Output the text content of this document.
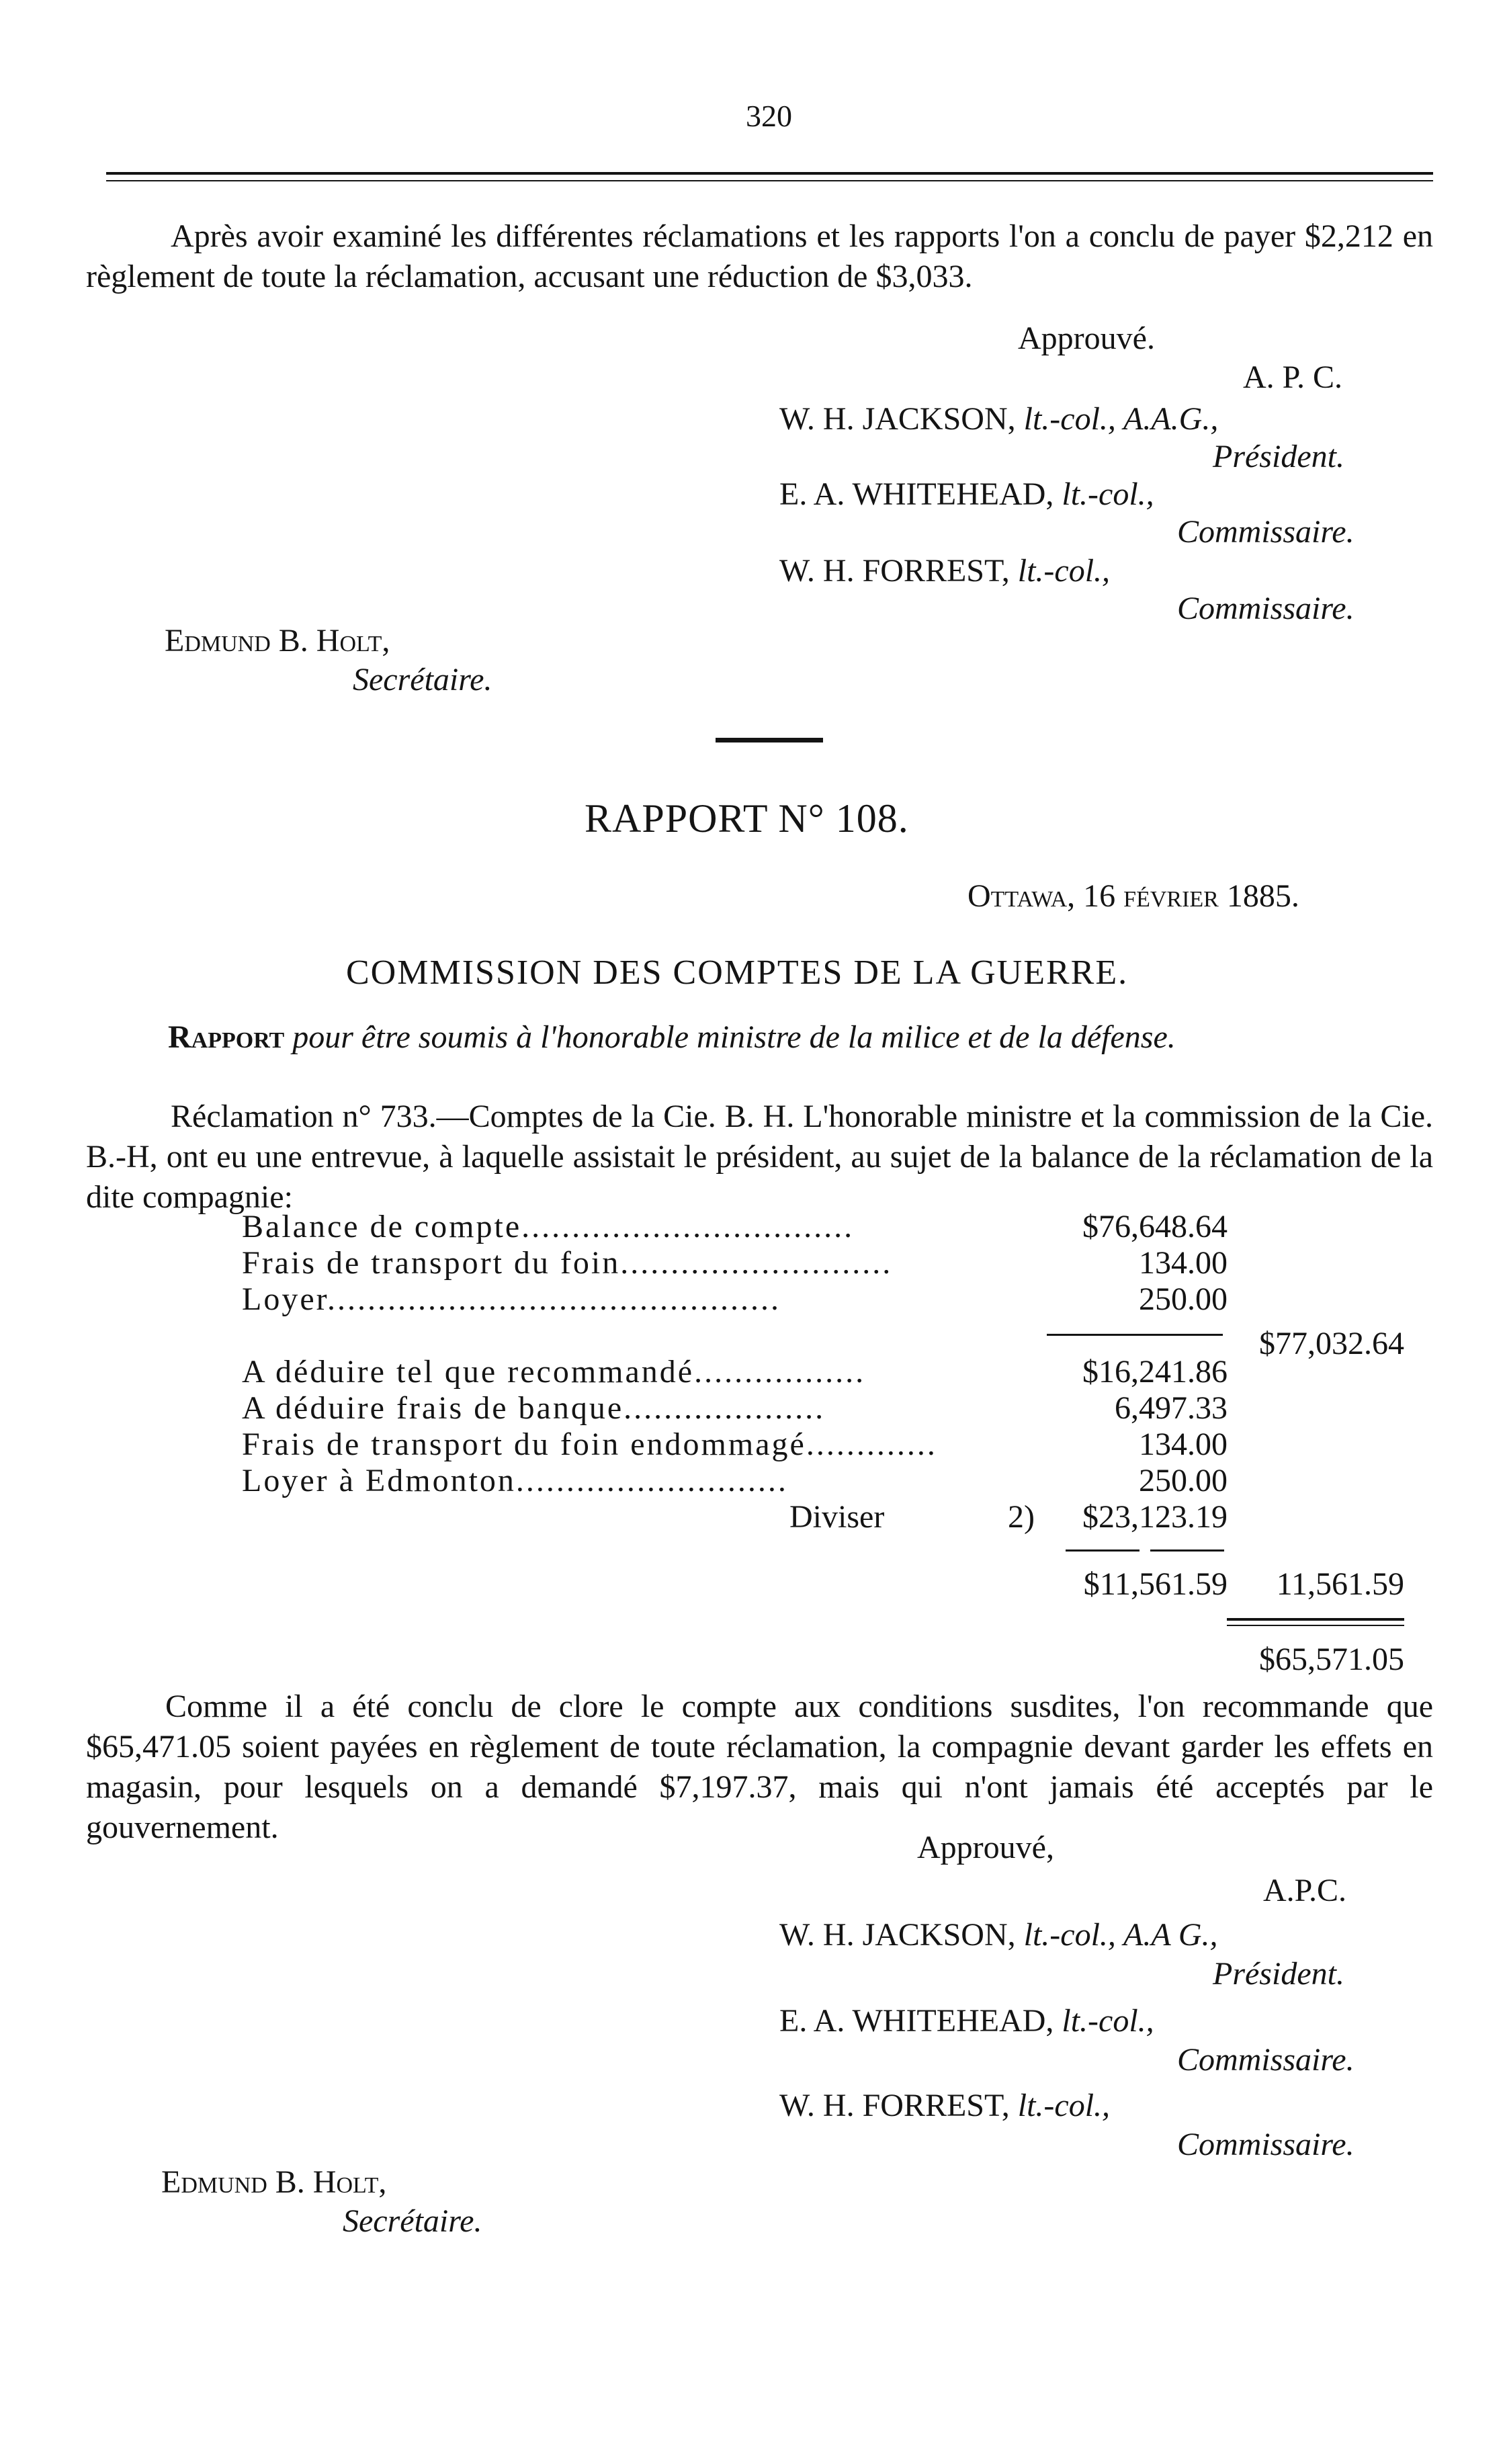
320
Après avoir examiné les différentes réclamations et les rapports l'on a conclu de payer $2,212 en règlement de toute la réclamation, accusant une réduction de $3,033.
Approuvé.
A. P. C.
W. H. JACKSON, lt.-col., A.A.G.,
Président.
E. A. WHITEHEAD, lt.-col.,
Commissaire.
W. H. FORREST, lt.-col.,
Commissaire.
Edmund B. Holt,
Secrétaire.
RAPPORT N° 108.
Ottawa, 16 février 1885.
COMMISSION DES COMPTES DE LA GUERRE.
Rapport pour être soumis à l'honorable ministre de la milice et de la défense.
Réclamation n° 733.—Comptes de la Cie. B. H. L'honorable ministre et la commission de la Cie. B.-H, ont eu une entrevue, à laquelle assistait le président, au sujet de la balance de la réclamation de la dite compagnie:
Balance de compte.................................	$76,648.64
Frais de transport du foin...........................	134.00
Loyer.............................................	250.00
$77,032.64
A déduire tel que recommandé.................	$16,241.86
A déduire frais de banque....................	6,497.33
Frais de transport du foin endommagé.............	134.00
Loyer à Edmonton...........................	250.00
Diviser	2) $23,123.19
$11,561.59 11,561.59
$65,571.05
Comme il a été conclu de clore le compte aux conditions susdites, l'on recommande que $65,471.05 soient payées en règlement de toute réclamation, la compagnie devant garder les effets en magasin, pour lesquels on a demandé $7,197.37, mais qui n'ont jamais été acceptés par le gouvernement.
Approuvé,
A.P.C.
W. H. JACKSON, lt.-col., A.A G.,
Président.
E. A. WHITEHEAD, lt.-col.,
Commissaire.
W. H. FORREST, lt.-col.,
Commissaire.
Edmund B. Holt,
Secrétaire.
